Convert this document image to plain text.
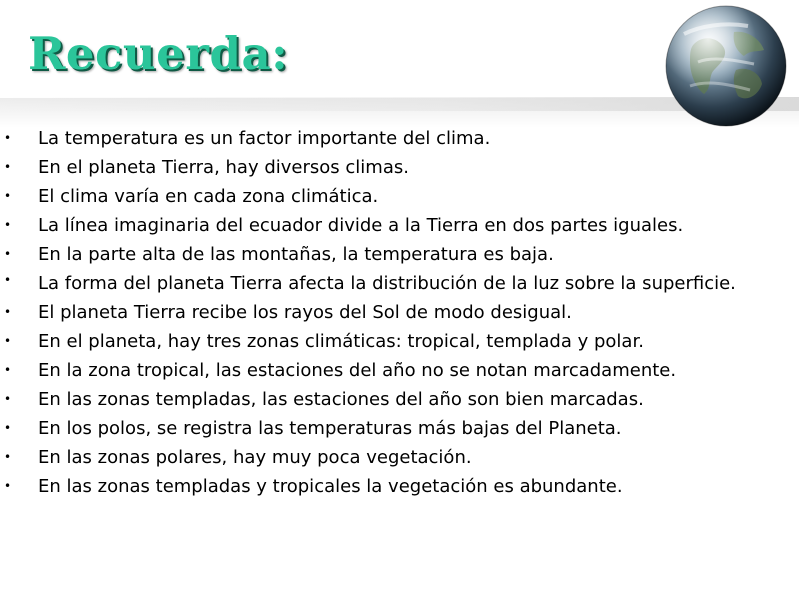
Recuerda:
• La temperatura es un factor importante del clima.
• En el planeta Tierra, hay diversos climas.
• El clima varía en cada zona climática.
• La línea imaginaria del ecuador divide a la Tierra en dos partes iguales.
• En la parte alta de las montañas, la temperatura es baja.
• La forma del planeta Tierra afecta la distribución de la luz sobre la superficie.
• El planeta Tierra recibe los rayos del Sol de modo desigual.
• En el planeta, hay tres zonas climáticas: tropical, templada y polar.
• En la zona tropical, las estaciones del año no se notan marcadamente.
• En las zonas templadas, las estaciones del año son bien marcadas.
• En los polos, se registra las temperaturas más bajas del Planeta.
• En las zonas polares, hay muy poca vegetación.
• En las zonas templadas y tropicales la vegetación es abundante.
